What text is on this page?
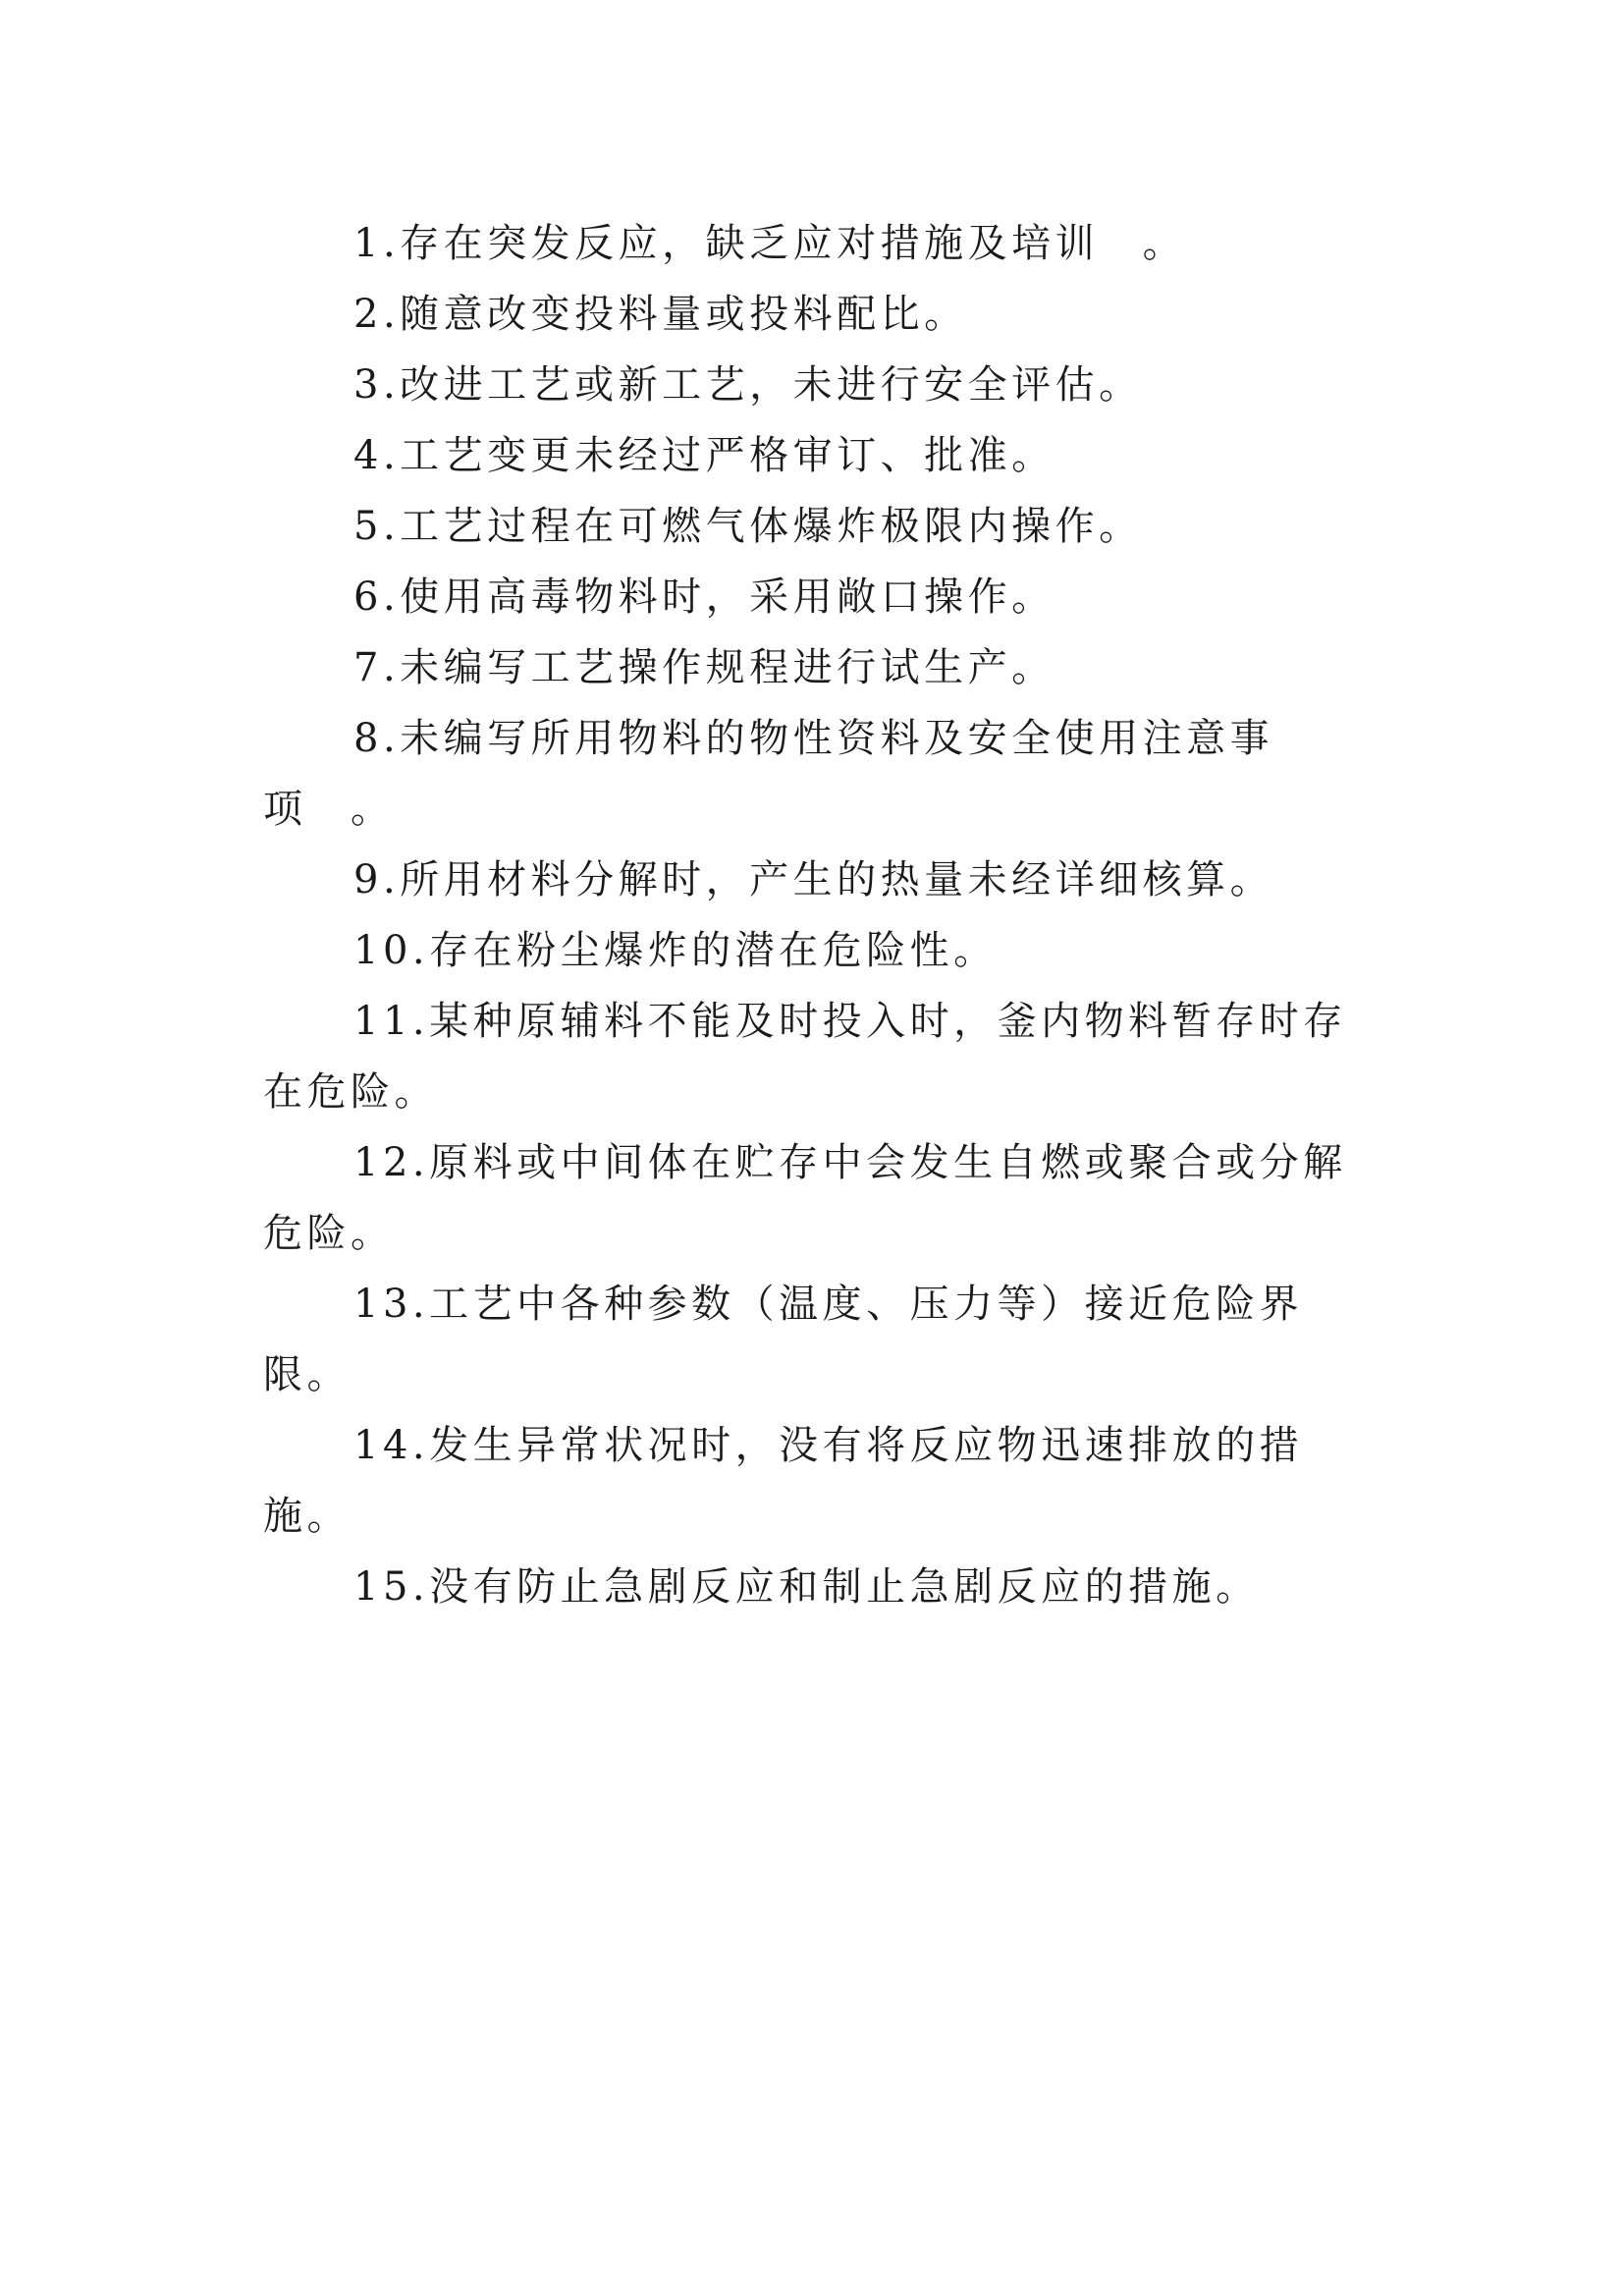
1.存在突发反应，缺乏应对措施及培训　。

2.随意改变投料量或投料配比。

3.改进工艺或新工艺，未进行安全评估。

4.工艺变更未经过严格审订、批准。

5.工艺过程在可燃气体爆炸极限内操作。

6.使用高毒物料时，采用敞口操作。

7.未编写工艺操作规程进行试生产。

8.未编写所用物料的物性资料及安全使用注意事项　。

9.所用材料分解时，产生的热量未经详细核算。

10.存在粉尘爆炸的潜在危险性。

11.某种原辅料不能及时投入时，釜内物料暂存时存在危险。

12.原料或中间体在贮存中会发生自燃或聚合或分解危险。

13.工艺中各种参数（温度、压力等）接近危险界限。

14.发生异常状况时，没有将反应物迅速排放的措施。

15.没有防止急剧反应和制止急剧反应的措施。
